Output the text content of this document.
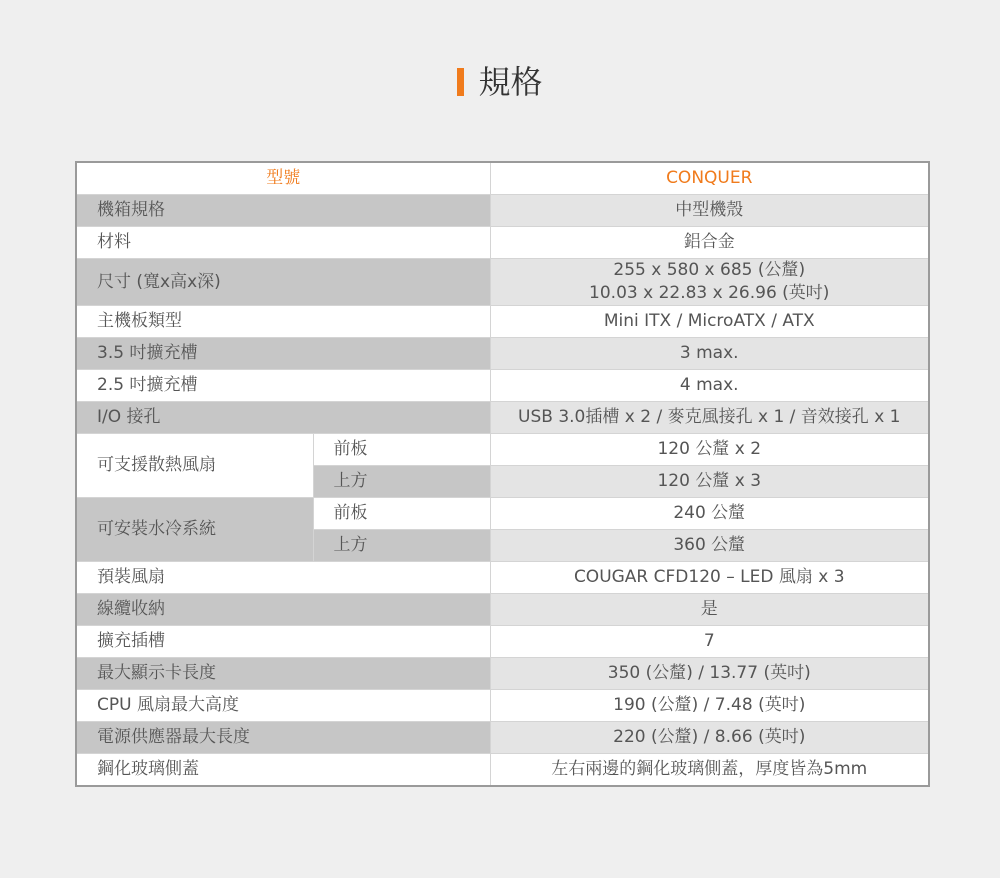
規格
型號		CONQUER
機箱規格		中型機殼
材料		鋁合金
尺寸 (寬x高x深)		255 x 580 x 685 (公釐)
10.03 x 22.83 x 26.96 (英吋)

主機板類型		Mini ITX / MicroATX / ATX
3.5 吋擴充槽		3 max.
2.5 吋擴充槽		4 max.
I/O 接孔		USB 3.0插槽 x 2 / 麥克風接孔 x 1 / 音效接孔 x 1
可支援散熱風扇	前板	120 公釐 x 2
	上方	120 公釐 x 3
可安裝水冷系統	前板	240 公釐
	上方	360 公釐
預裝風扇		COUGAR CFD120 – LED 風扇 x 3
線纜收納		是
擴充插槽		7
最大顯示卡長度		350 (公釐) / 13.77 (英吋)
CPU 風扇最大高度		190 (公釐) / 7.48 (英吋)
電源供應器最大長度		220 (公釐) / 8.66 (英吋)
鋼化玻璃側蓋		左右兩邊的鋼化玻璃側蓋，厚度皆為5mm
